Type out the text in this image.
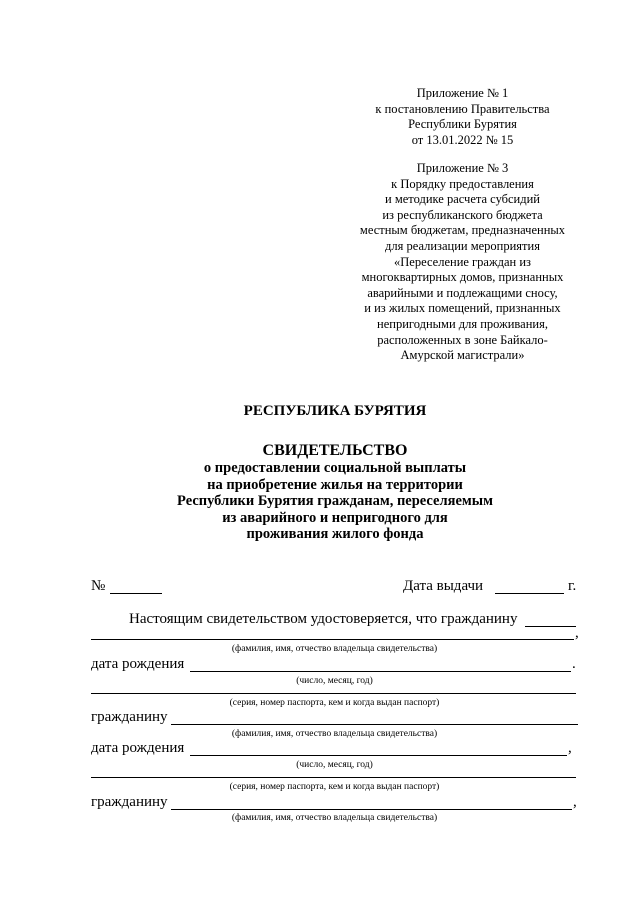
Приложение № 1
к постановлению Правительства
Республики Бурятия
от 13.01.2022 № 15
Приложение № 3
к Порядку предоставления
и методике расчета субсидий
из республиканского бюджета
местным бюджетам, предназначенных
для реализации мероприятия
«Переселение граждан из
многоквартирных домов, признанных
аварийными и подлежащими сносу,
и из жилых помещений, признанных
непригодными для проживания,
расположенных в зоне Байкало-
Амурской магистрали»
РЕСПУБЛИКА БУРЯТИЯ
СВИДЕТЕЛЬСТВО
о предоставлении социальной выплаты
на приобретение жилья на территории
Республики Бурятия гражданам, переселяемым
из аварийного и непригодного для
проживания жилого фонда
№	Дата выдачи	г.
Настоящим свидетельством удостоверяется, что гражданину
,
(фамилия, имя, отчество владельца свидетельства)
дата рождения	.
(число, месяц, год)
(серия, номер паспорта, кем и когда выдан паспорт)
гражданину
(фамилия, имя, отчество владельца свидетельства)
дата рождения	,
(число, месяц, год)
(серия, номер паспорта, кем и когда выдан паспорт)
гражданину	,
(фамилия, имя, отчество владельца свидетельства)
